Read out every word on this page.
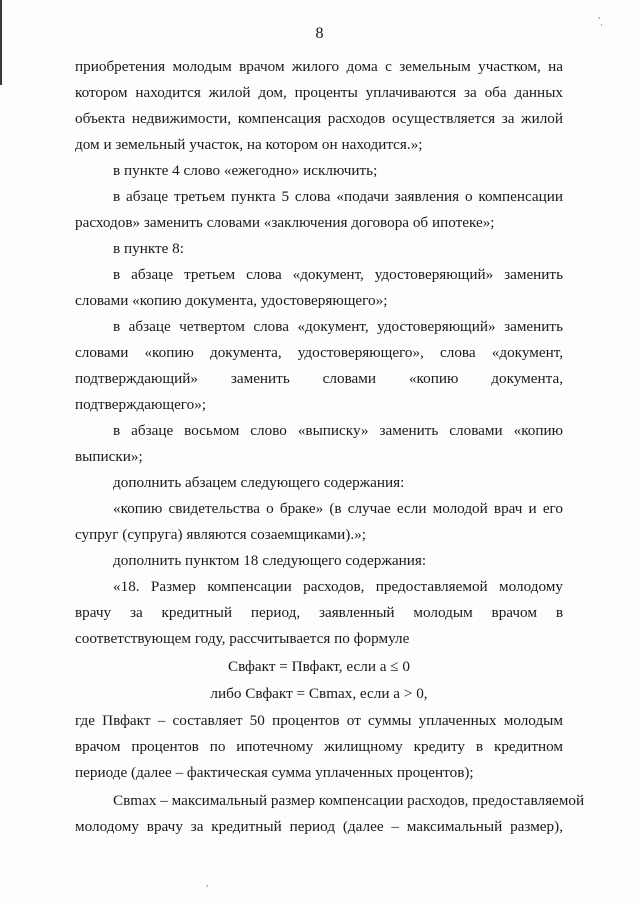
,
·
,
8
приобретения молодым врачом жилого дома с земельным участком, на
котором находится жилой дом, проценты уплачиваются за оба данных
объекта недвижимости, компенсация расходов осуществляется за жилой
дом и земельный участок, на котором он находится.»;
в пункте 4 слово «ежегодно» исключить;
в абзаце третьем пункта 5 слова «подачи заявления о компенсации
расходов» заменить словами «заключения договора об ипотеке»;
в пункте 8:
в абзаце третьем слова «документ, удостоверяющий» заменить
словами «копию документа, удостоверяющего»;
в абзаце четвертом слова «документ, удостоверяющий» заменить
словами «копию документа, удостоверяющего», слова «документ,
подтверждающий» заменить словами «копию документа,
подтверждающего»;
в абзаце восьмом слово «выписку» заменить словами «копию
выписки»;
дополнить абзацем следующего содержания:
«копию свидетельства о браке» (в случае если молодой врач и его
супруг (супруга) являются созаемщиками).»;
дополнить пунктом 18 следующего содержания:
«18. Размер компенсации расходов, предоставляемой молодому
врачу за кредитный период, заявленный молодым врачом в
соответствующем году, рассчитывается по формуле
Свфакт = Пвфакт, если a ≤ 0
либо Свфакт = Свmax, если a > 0,
где Пвфакт – составляет 50 процентов от суммы уплаченных молодым
врачом процентов по ипотечному жилищному кредиту в кредитном
периоде (далее – фактическая сумма уплаченных процентов);
Свmax – максимальный размер компенсации расходов, предоставляемой
молодому врачу за кредитный период (далее – максимальный размер),
